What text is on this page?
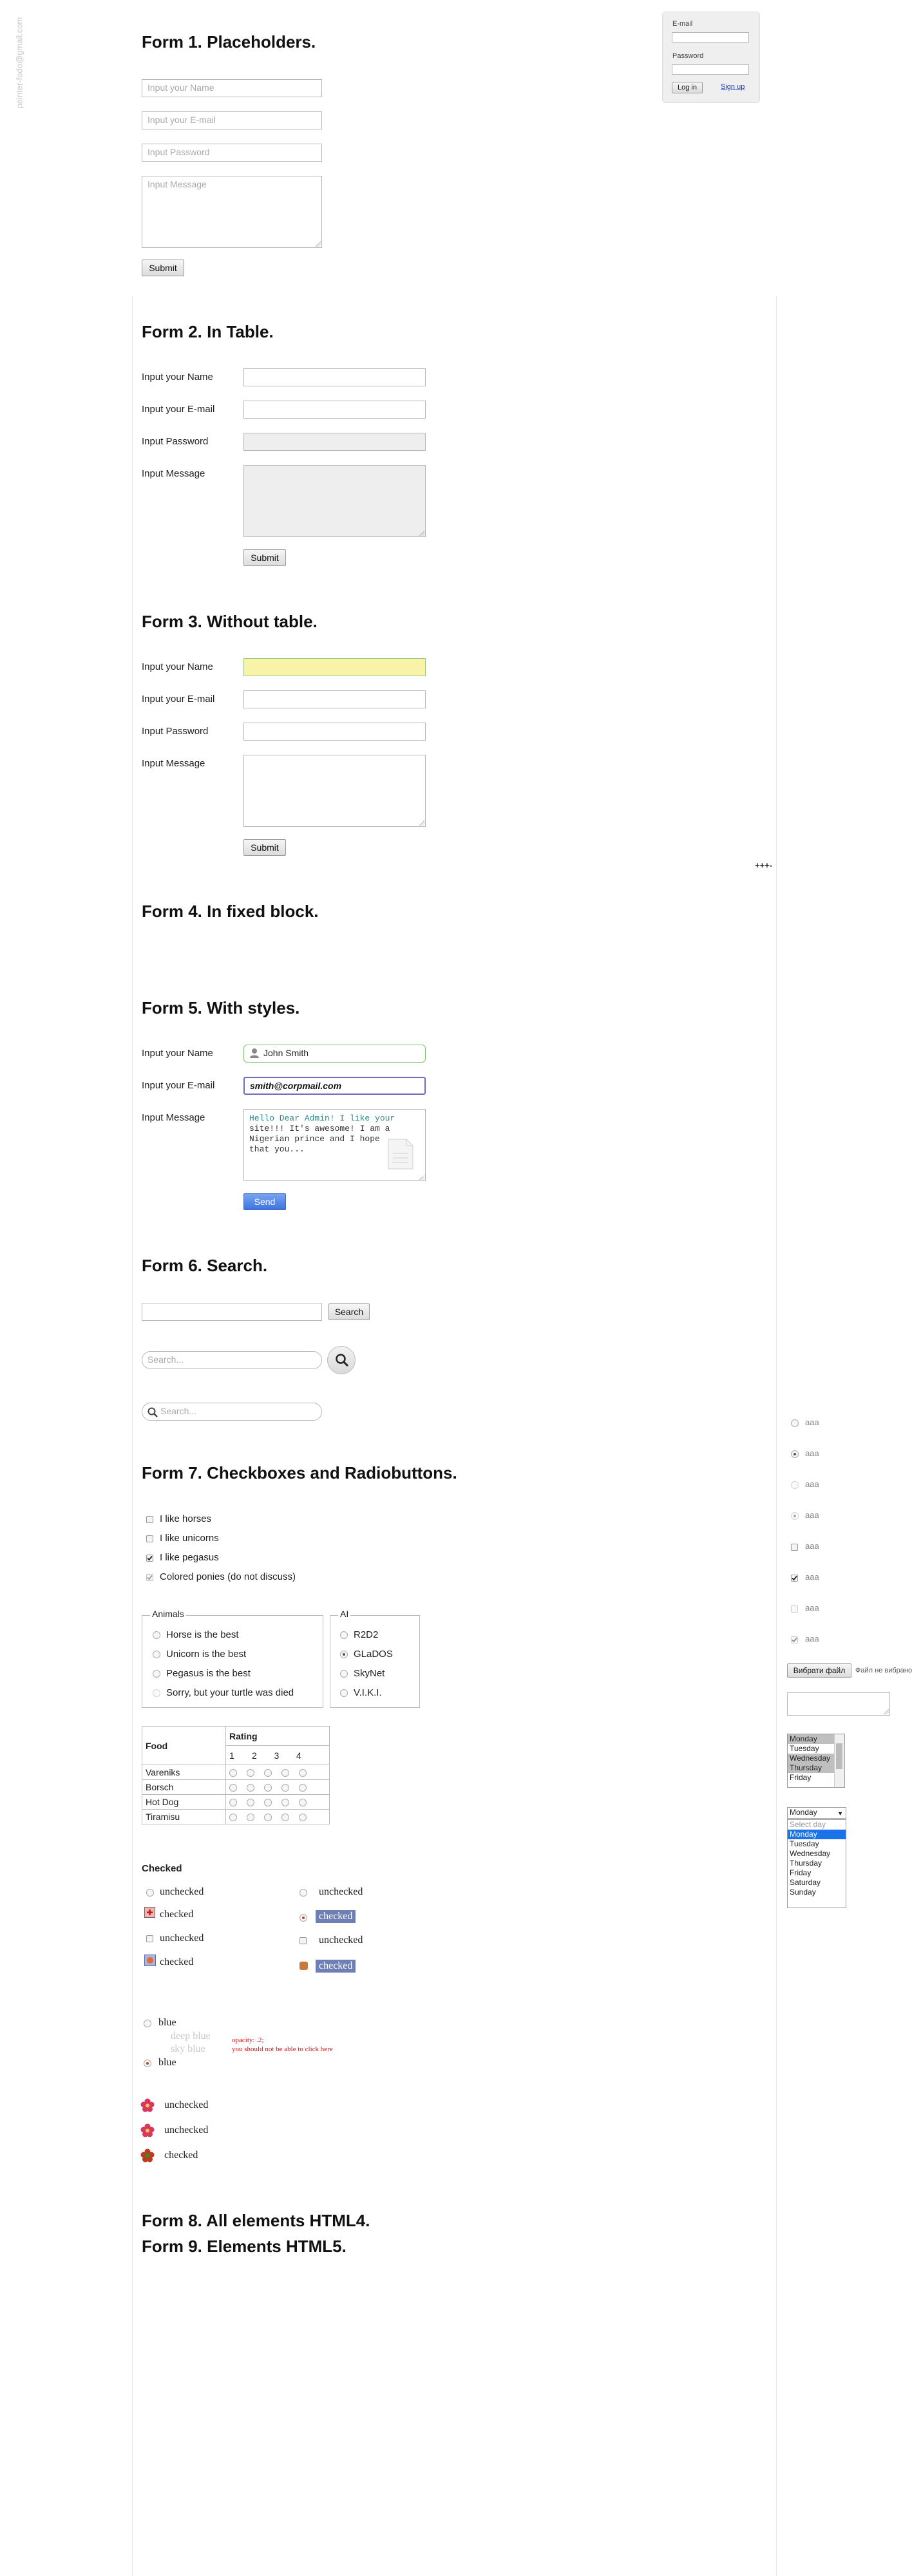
pointer-fodo@gmail.com	E-mail
Password
Log in	Sign up
Form 1. Placeholders.
Input your Name
Input your E-mail
Input Password
Input Message
Submit
Form 2. In Table.
Input your Name
Input your E-mail
Input Password
Input Message
Submit
Form 3. Without table.
Input your Name
Input your E-mail
Input Password
Input Message
Submit
+++-
Form 4. In fixed block.
Form 5. With styles.
Input your Name	John Smith
Input your E-mail	smith@corpmail.com
Input Message	Hello Dear Admin! I like your
site!!! It's awesome! I am a
Nigerian prince and I hope
that you...
Send
Form 6. Search.
Search
Search...
Search...
Form 7. Checkboxes and Radiobuttons.
I like horses
I like unicorns
I like pegasus
Colored ponies (do not discuss)
Animals
Horse is the best
Unicorn is the best
Pegasus is the best
Sorry, but your turtle was died
AI
R2D2
GLaDOS
SkyNet
V.I.K.I.
Food	Rating				
	1	2	3	4	
Vareniks					
Borsch					
Hot Dog					
Tiramisu					
Checked
unchecked
checked
unchecked
checked
unchecked
checked
unchecked
checked
blue
deep blue
sky blue
blue
opacity: .2;
you should not be able to click here
unchecked
unchecked
checked
Form 8. All elements HTML4.
Form 9. Elements HTML5.
aaa
aaa
aaa
aaa
aaa
aaa
aaa
aaa
Вибрати файл	Файл не вибрано
Monday
Tuesday
Wednesday
Thursday
Friday
Monday	▼
Select day
Monday
Tuesday
Wednesday
Thursday
Friday
Saturday
Sunday
